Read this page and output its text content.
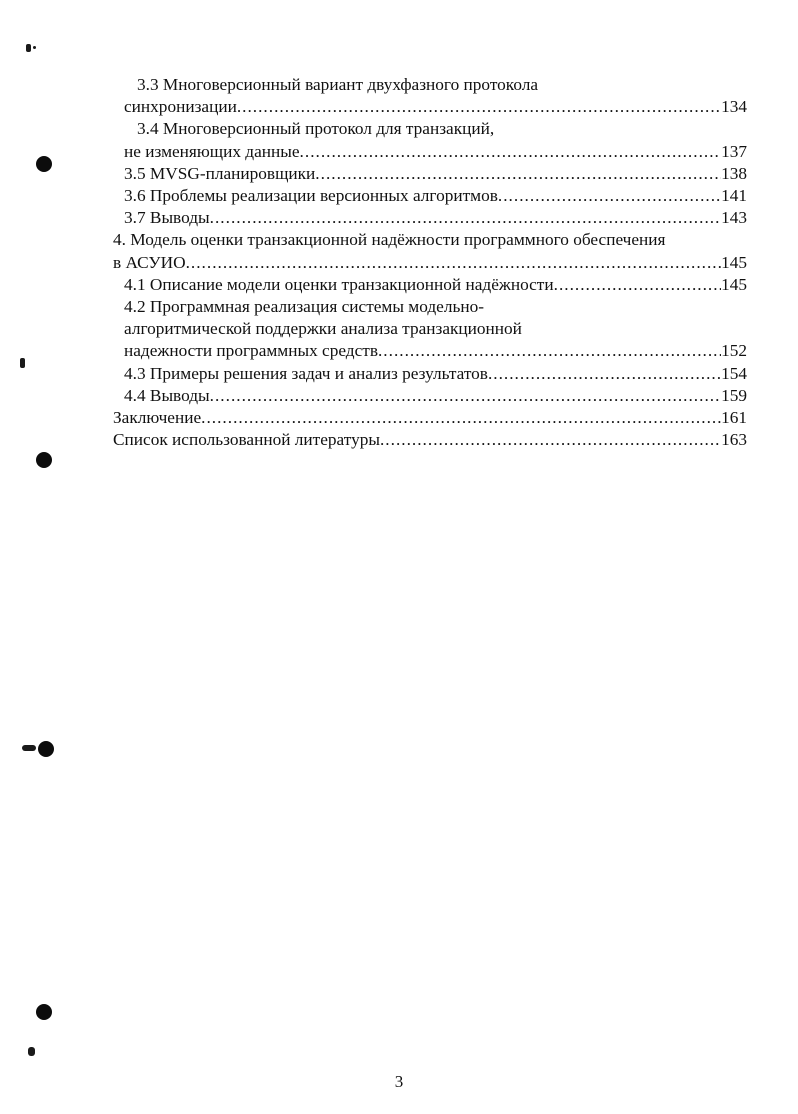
3.3 Многоверсионный вариант двухфазного протокола
синхронизации .....	134
3.4 Многоверсионный протокол для транзакций,
не изменяющих данные .....	137
3.5 MVSG-планировщики .....	138
3.6 Проблемы реализации версионных алгоритмов .....	141
3.7 Выводы .....	143
4. Модель оценки транзакционной надёжности программного обеспечения
в АСУИО .....	145
4.1 Описание модели оценки транзакционной надёжности .....	145
4.2 Программная реализация системы модельно-
алгоритмической поддержки анализа транзакционной
надежности программных средств .....	152
4.3 Примеры решения задач и анализ результатов .....	154
4.4 Выводы .....	159
Заключение .....	161
Список использованной литературы .....	163
3
